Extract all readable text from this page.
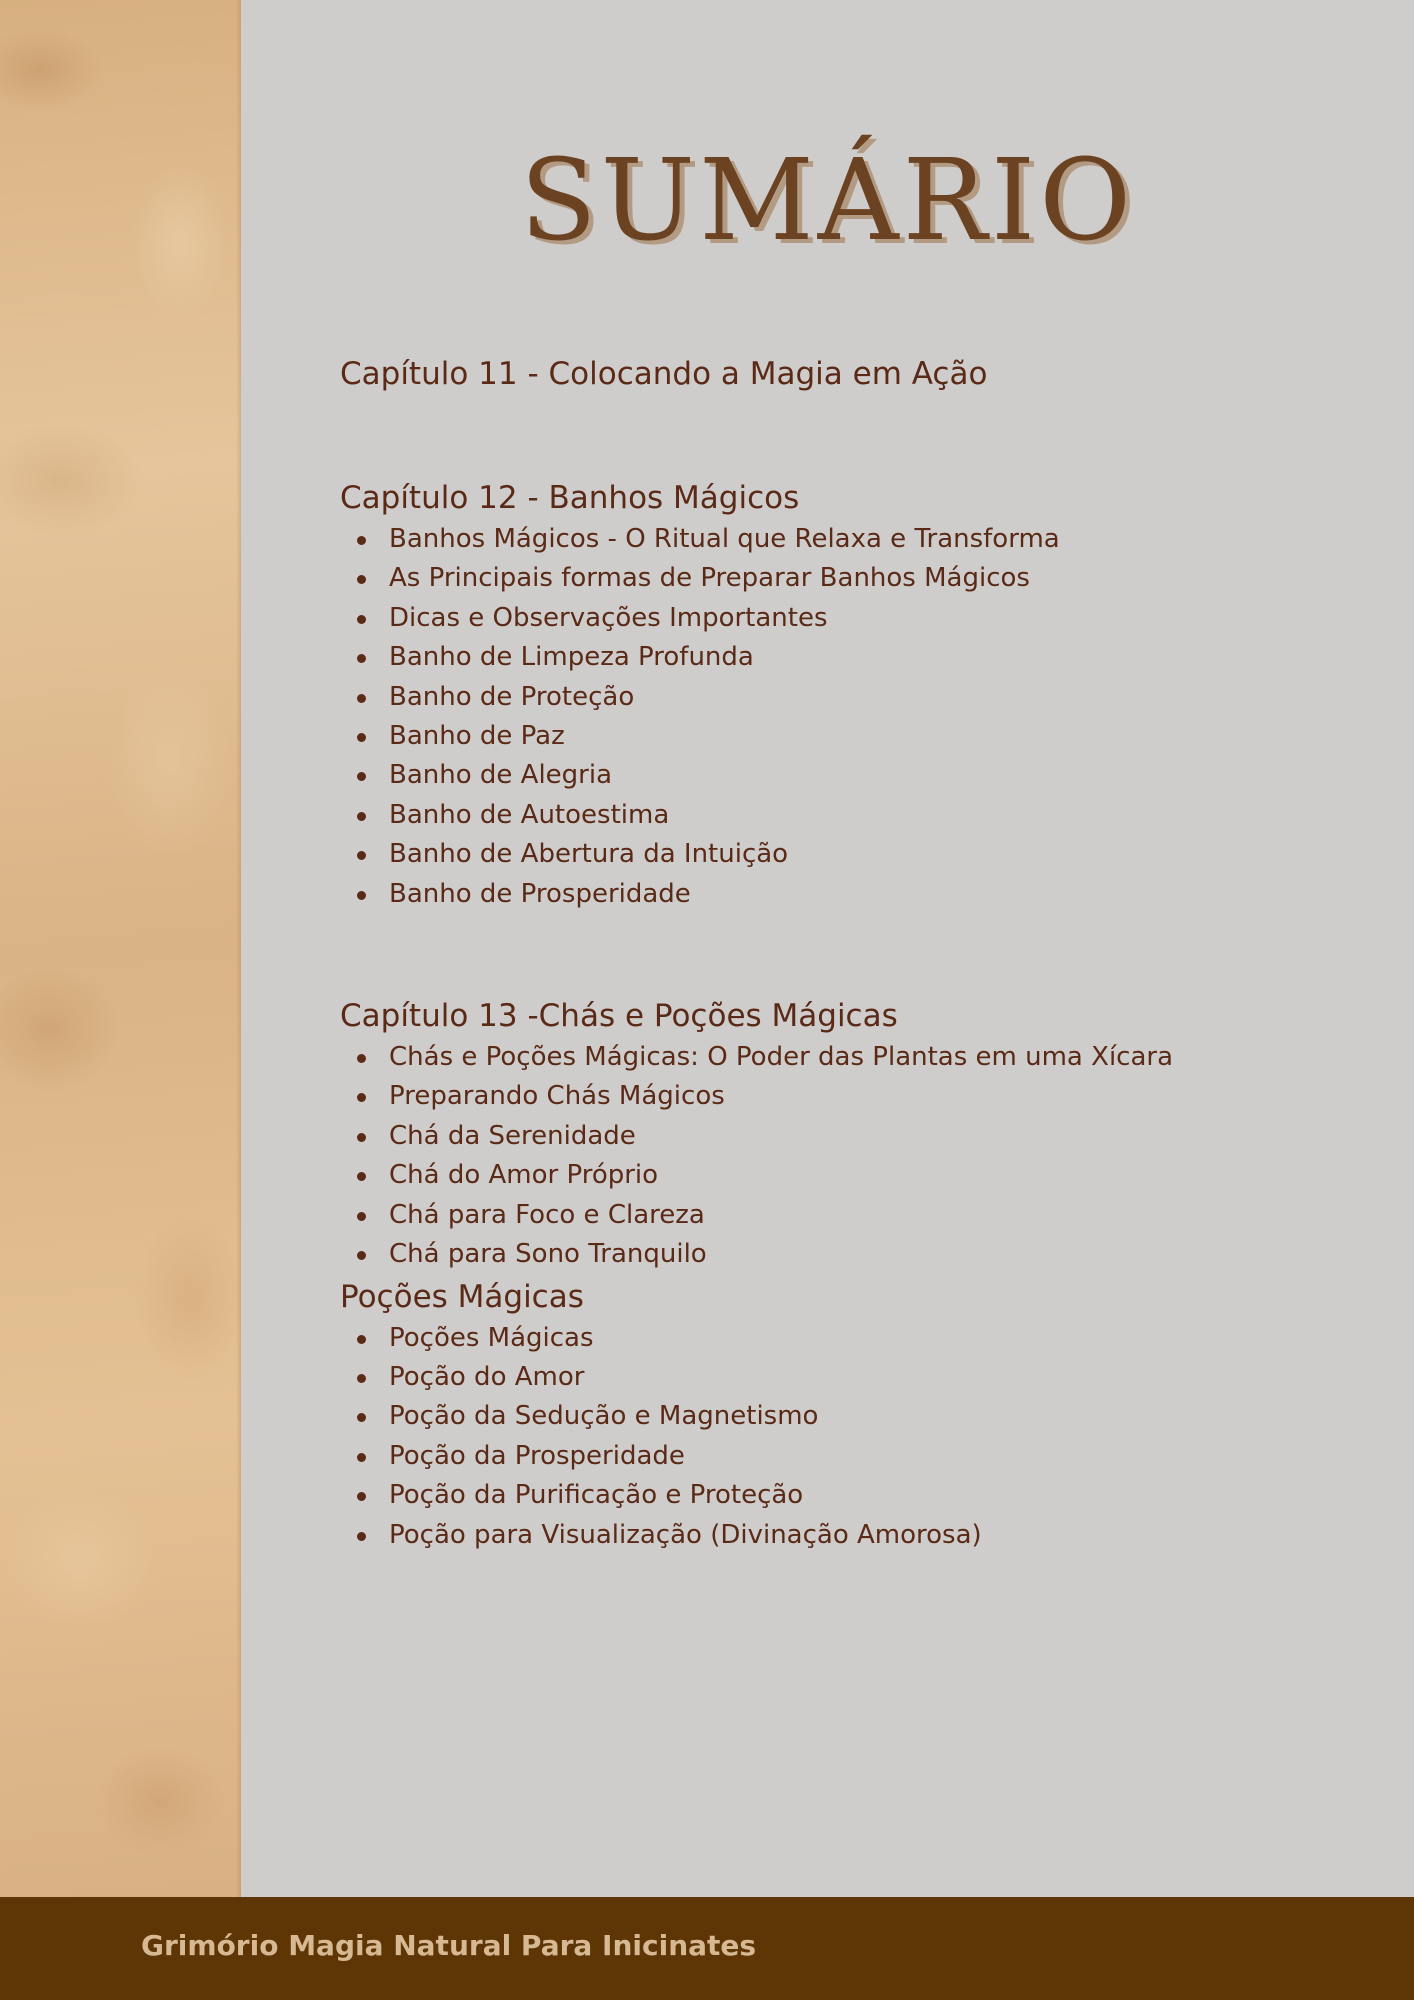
SUMÁRIO
Capítulo 11 - Colocando a Magia em Ação
Capítulo 12 - Banhos Mágicos
Banhos Mágicos - O Ritual que Relaxa e Transforma
As Principais formas de Preparar Banhos Mágicos
Dicas e Observações Importantes
Banho de Limpeza Profunda
Banho de Proteção
Banho de Paz
Banho de Alegria
Banho de Autoestima
Banho de Abertura da Intuição
Banho de Prosperidade
Capítulo 13 -Chás e Poções Mágicas
Chás e Poções Mágicas: O Poder das Plantas em uma Xícara
Preparando Chás Mágicos
Chá da Serenidade
Chá do Amor Próprio
Chá para Foco e Clareza
Chá para Sono Tranquilo
Poções Mágicas
Poções Mágicas
Poção do Amor
Poção da Sedução e Magnetismo
Poção da Prosperidade
Poção da Purificação e Proteção
Poção para Visualização (Divinação Amorosa)
Grimório Magia Natural Para Inicinates
